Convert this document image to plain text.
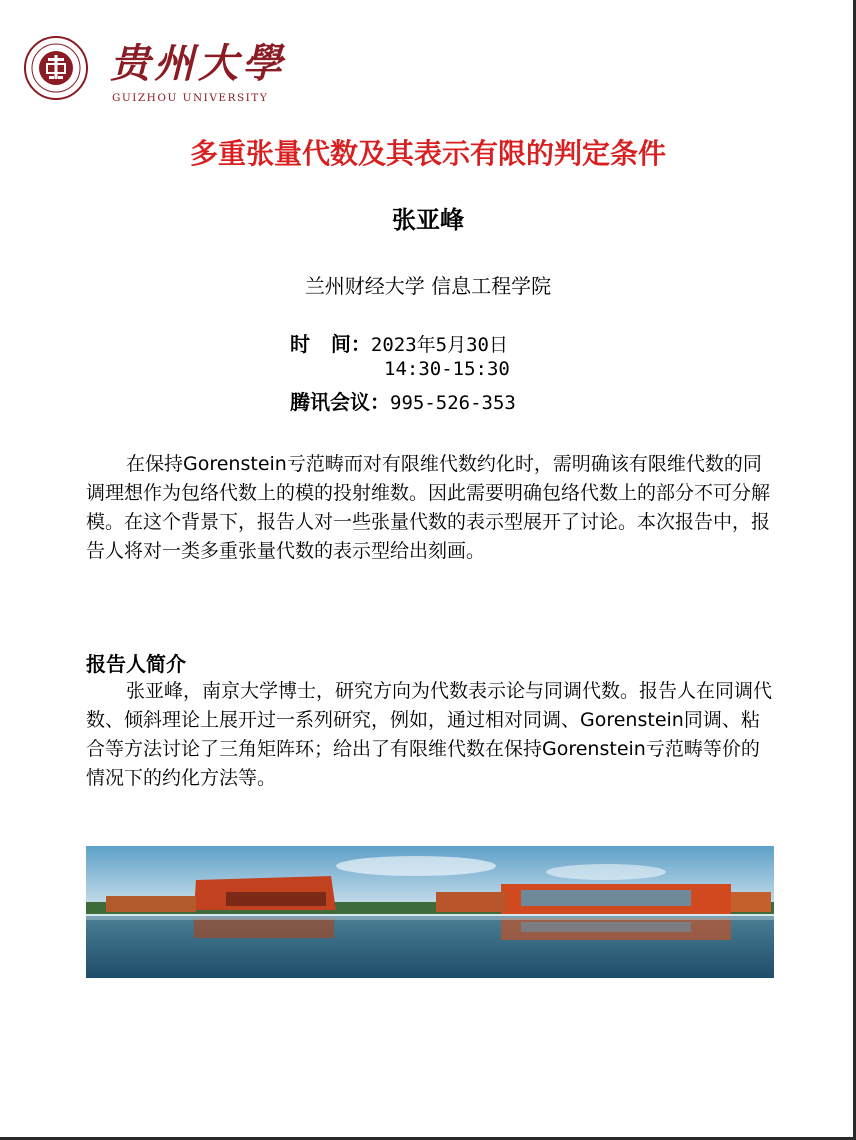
贵州大學
GUIZHOU UNIVERSITY
多重张量代数及其表示有限的判定条件
张亚峰
兰州财经大学 信息工程学院
时   间：2023年5月30日
14:30-15:30
腾讯会议：995-526-353

在保持Gorenstein亏范畴而对有限维代数约化时，需明确该有限维代数的同调理想作为包络代数上的模的投射维数。因此需要明确包络代数上的部分不可分解模。在这个背景下，报告人对一些张量代数的表示型展开了讨论。本次报告中，报告人将对一类多重张量代数的表示型给出刻画。

报告人简介

张亚峰，南京大学博士，研究方向为代数表示论与同调代数。报告人在同调代数、倾斜理论上展开过一系列研究，例如，通过相对同调、Gorenstein同调、粘合等方法讨论了三角矩阵环；给出了有限维代数在保持Gorenstein亏范畴等价的情况下的约化方法等。
